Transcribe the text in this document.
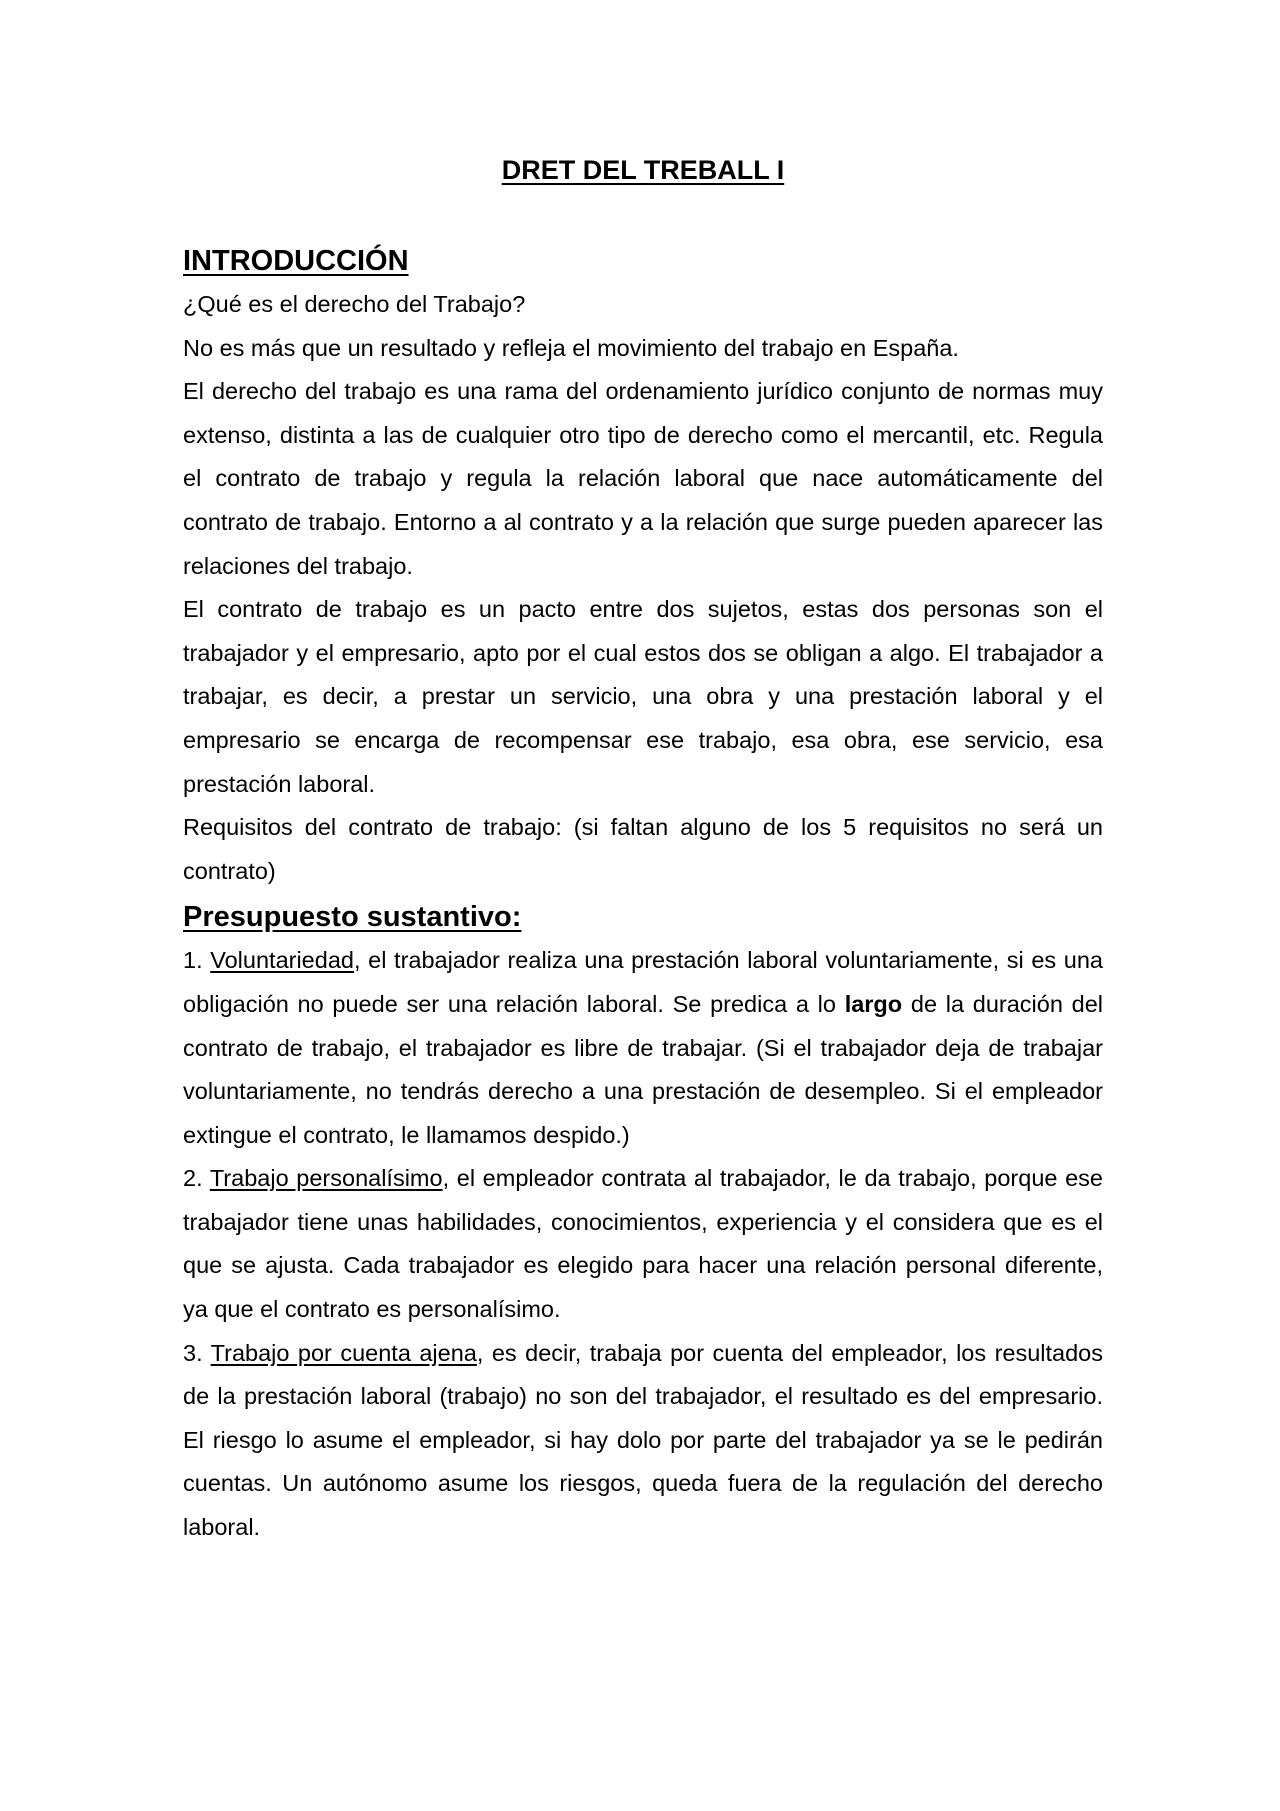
DRET DEL TREBALL I
INTRODUCCIÓN

¿Qué es el derecho del Trabajo?

No es más que un resultado y refleja el movimiento del trabajo en España.

El derecho del trabajo es una rama del ordenamiento jurídico conjunto de normas muy extenso, distinta a las de cualquier otro tipo de derecho como el mercantil, etc. Regula el contrato de trabajo y regula la relación laboral que nace automáticamente del contrato de trabajo. Entorno a al contrato y a la relación que surge pueden aparecer las relaciones del trabajo.

El contrato de trabajo es un pacto entre dos sujetos, estas dos personas son el trabajador y el empresario, apto por el cual estos dos se obligan a algo. El trabajador a trabajar, es decir, a prestar un servicio, una obra y una prestación laboral y el empresario se encarga de recompensar ese trabajo, esa obra, ese servicio, esa prestación laboral.

Requisitos del contrato de trabajo: (si faltan alguno de los 5 requisitos no será un contrato)

Presupuesto sustantivo:

1. Voluntariedad, el trabajador realiza una prestación laboral voluntariamente, si es una obligación no puede ser una relación laboral. Se predica a lo largo de la duración del contrato de trabajo, el trabajador es libre de trabajar. (Si el trabajador deja de trabajar voluntariamente, no tendrás derecho a una prestación de desempleo. Si el empleador extingue el contrato, le llamamos despido.)

2. Trabajo personalísimo, el empleador contrata al trabajador, le da trabajo, porque ese trabajador tiene unas habilidades, conocimientos, experiencia y el considera que es el que se ajusta. Cada trabajador es elegido para hacer una relación personal diferente, ya que el contrato es personalísimo.

3. Trabajo por cuenta ajena, es decir, trabaja por cuenta del empleador, los resultados de la prestación laboral (trabajo) no son del trabajador, el resultado es del empresario. El riesgo lo asume el empleador, si hay dolo por parte del trabajador ya se le pedirán cuentas. Un autónomo asume los riesgos, queda fuera de la regulación del derecho laboral.
